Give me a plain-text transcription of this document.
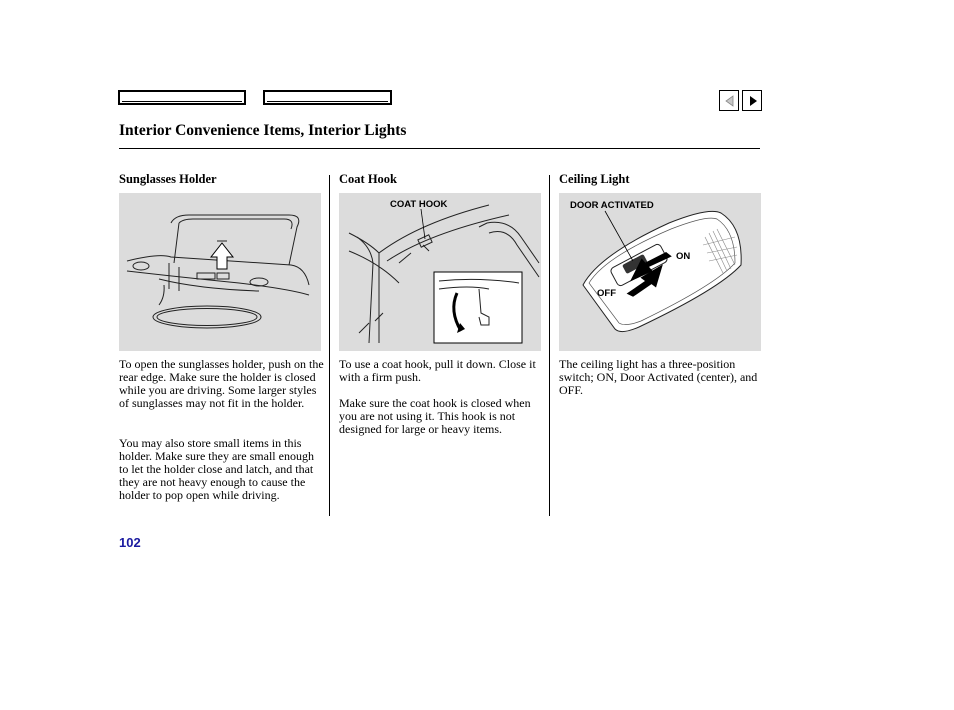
Interior Convenience Items, Interior Lights
Sunglasses Holder

To open the sunglasses holder, push on the rear edge. Make sure the holder is closed while you are driving. Some larger styles of sunglasses may not fit in the holder.

You may also store small items in this holder. Make sure they are small enough to let the holder close and latch, and that they are not heavy enough to cause the holder to pop open while driving.

Coat Hook
COAT HOOK

To use a coat hook, pull it down. Close it with a firm push.

Make sure the coat hook is closed when you are not using it. This hook is not designed for large or heavy items.

Ceiling Light
DOOR ACTIVATED
ON
OFF

The ceiling light has a three-position switch; ON, Door Activated (center), and OFF.

102
